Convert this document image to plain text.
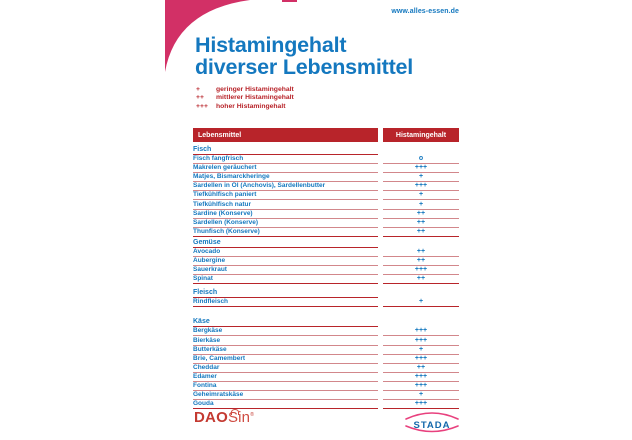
www.alles-essen.de
Histamingehalt
diverser Lebensmittel
+ geringer Histamingehalt
++ mittlerer Histamingehalt
+++ hoher Histamingehalt
Lebensmittel	Histamingehalt
Fisch
Fisch fangfrisch	o
Makrelen geräuchert	+++
Matjes, Bismarckheringe	+
Sardellen in Öl (Anchovis), Sardellenbutter	+++
Tiefkühlfisch paniert	+
Tiefkühlfisch natur	+
Sardine (Konserve)	++
Sardellen (Konserve)	++
Thunfisch (Konserve)	++
Gemüse
Avocado	++
Aubergine	++
Sauerkraut	+++
Spinat	++
Fleisch
Rindfleisch	+
Käse
Bergkäse	+++
Bierkäse	+++
Butterkäse	+
Brie, Camembert	+++
Cheddar	++
Edamer	+++
Fontina	+++
Geheimratskäse	+
Gouda	+++
DAOSin®
STADA
